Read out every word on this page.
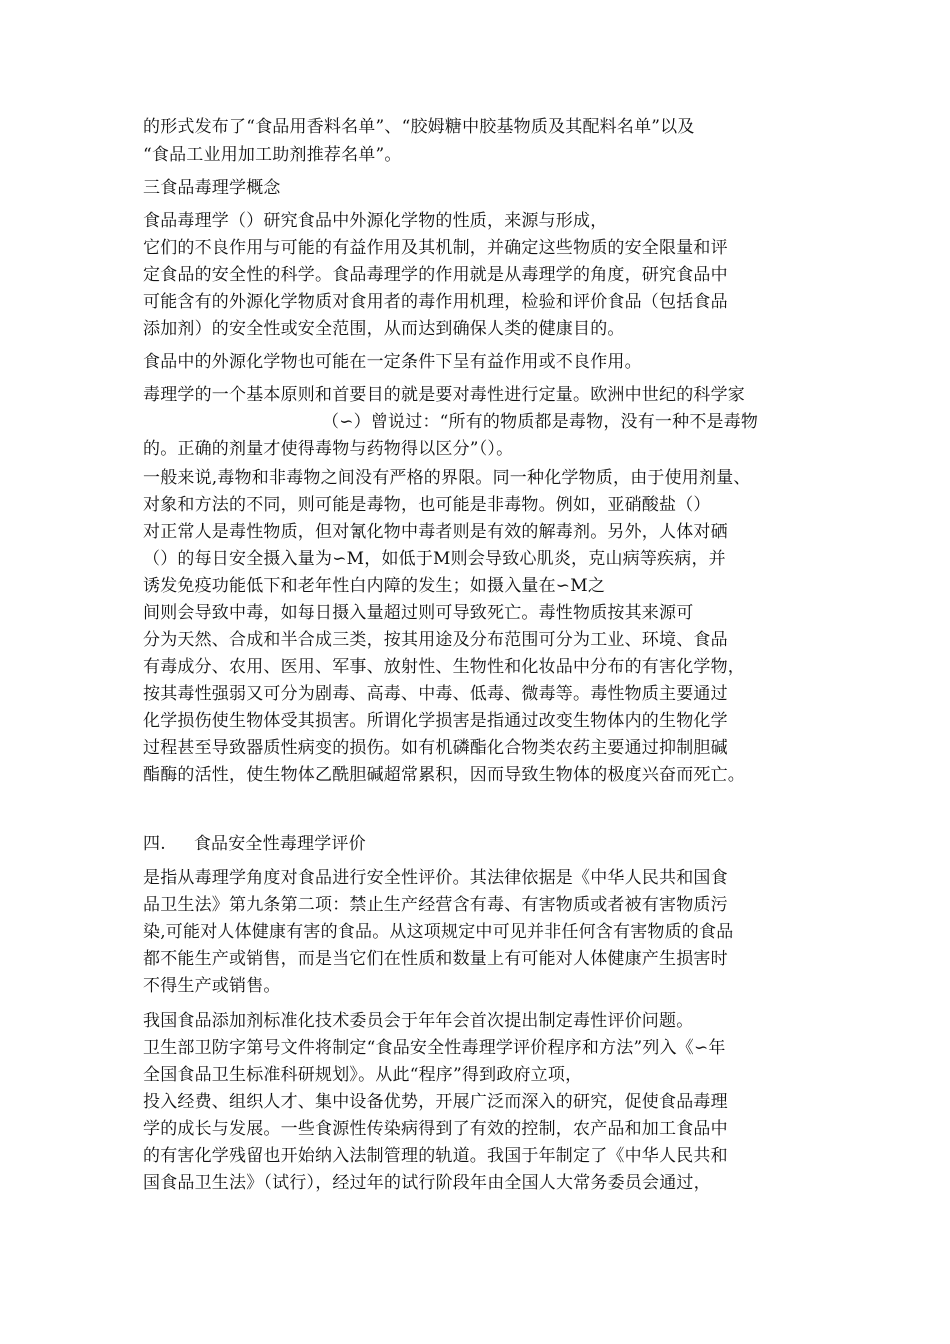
的形式发布了“食品用香料名单”、“胶姆糖中胶基物质及其配料名单”以及
“食品工业用加工助剂推荐名单”。
三食品毒理学概念
食品毒理学（）研究食品中外源化学物的性质，来源与形成，
它们的不良作用与可能的有益作用及其机制，并确定这些物质的安全限量和评
定食品的安全性的科学。食品毒理学的作用就是从毒理学的角度，研究食品中
可能含有的外源化学物质对食用者的毒作用机理，检验和评价食品（包括食品
添加剂）的安全性或安全范围，从而达到确保人类的健康目的。
食品中的外源化学物也可能在一定条件下呈有益作用或不良作用。
毒理学的一个基本原则和首要目的就是要对毒性进行定量。欧洲中世纪的科学家
（∽）曾说过：“所有的物质都是毒物，没有一种不是毒物
的。正确的剂量才使得毒物与药物得以区分”（）。
一般来说,毒物和非毒物之间没有严格的界限。同一种化学物质，由于使用剂量、
对象和方法的不同，则可能是毒物，也可能是非毒物。例如，亚硝酸盐（）
对正常人是毒性物质，但对氰化物中毒者则是有效的解毒剂。另外，人体对硒
（）的每日安全摄入量为∽M，如低于M则会导致心肌炎，克山病等疾病，并
诱发免疫功能低下和老年性白内障的发生；如摄入量在∽M之
间则会导致中毒，如每日摄入量超过则可导致死亡。毒性物质按其来源可
分为天然、合成和半合成三类，按其用途及分布范围可分为工业、环境、食品
有毒成分、农用、医用、军事、放射性、生物性和化妆品中分布的有害化学物，
按其毒性强弱又可分为剧毒、高毒、中毒、低毒、微毒等。毒性物质主要通过
化学损伤使生物体受其损害。所谓化学损害是指通过改变生物体内的生物化学
过程甚至导致器质性病变的损伤。如有机磷酯化合物类农药主要通过抑制胆碱
酯酶的活性，使生物体乙酰胆碱超常累积，因而导致生物体的极度兴奋而死亡。
四.     食品安全性毒理学评价
是指从毒理学角度对食品进行安全性评价。其法律依据是《中华人民共和国食
品卫生法》第九条第二项：禁止生产经营含有毒、有害物质或者被有害物质污
染,可能对人体健康有害的食品。从这项规定中可见并非任何含有害物质的食品
都不能生产或销售，而是当它们在性质和数量上有可能对人体健康产生损害时
不得生产或销售。
我国食品添加剂标准化技术委员会于年年会首次提出制定毒性评价问题。
卫生部卫防字第号文件将制定“食品安全性毒理学评价程序和方法”列入《∽年
全国食品卫生标准科研规划》。从此“程序”得到政府立项，
投入经费、组织人才、集中设备优势，开展广泛而深入的研究，促使食品毒理
学的成长与发展。一些食源性传染病得到了有效的控制，农产品和加工食品中
的有害化学残留也开始纳入法制管理的轨道。我国于年制定了《中华人民共和
国食品卫生法》（试行），经过年的试行阶段年由全国人大常务委员会通过，
